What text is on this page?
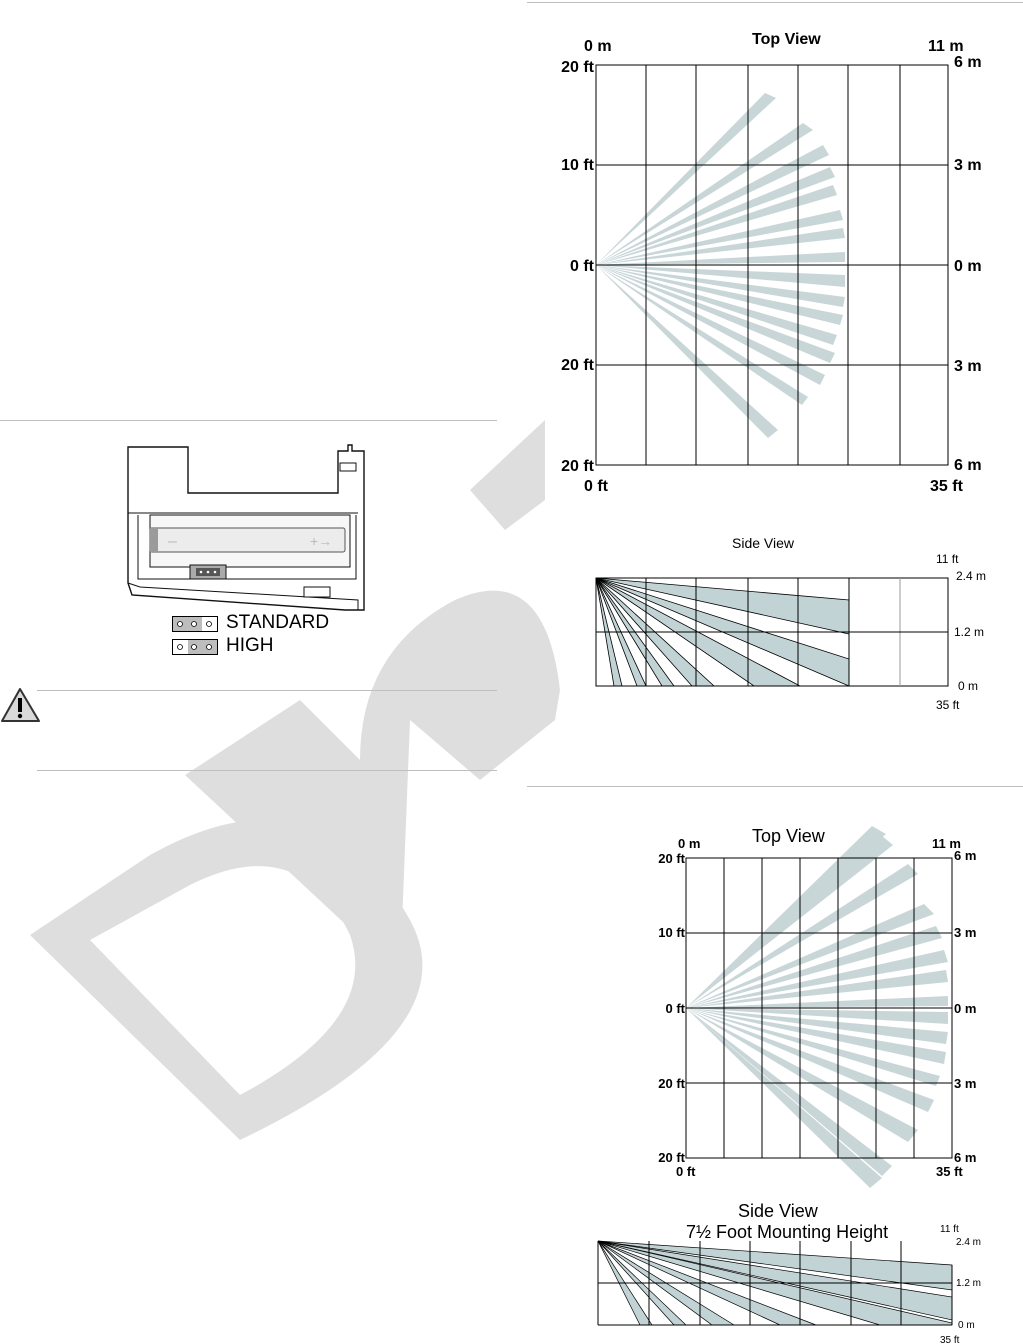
–	+→
STANDARD
HIGH
Top View
0 m	11 m
0 ft	35 ft
20 ft
10 ft
0 ft
20 ft
20 ft
6 m
3 m
0 m
3 m
6 m
Side View
11 ft
35 ft
2.4 m
1.2 m
0 m
Top View
0 m	11 m
0 ft	35 ft
20 ft
10 ft
0 ft
20 ft
20 ft
6 m
3 m
0 m
3 m
6 m
Side View
7½ Foot Mounting Height	11 ft
35 ft
2.4 m
1.2 m
0 m
